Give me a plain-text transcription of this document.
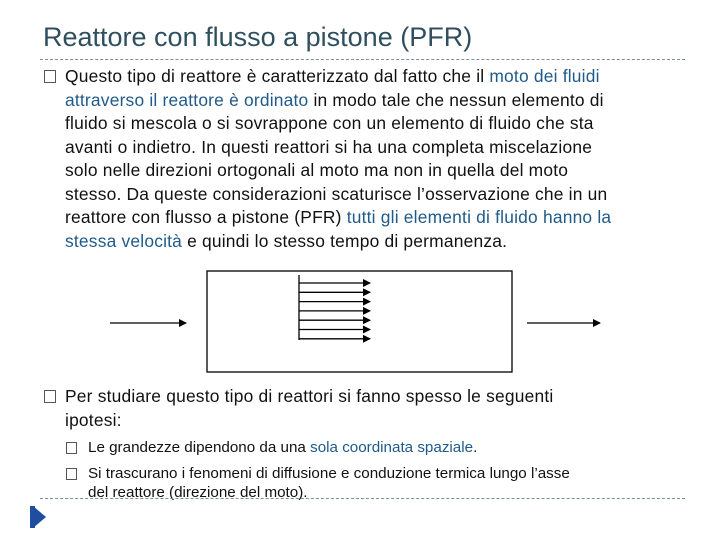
Reattore con flusso a pistone (PFR)
Questo tipo di reattore è caratterizzato dal fatto che il moto dei fluidi
attraverso il reattore è ordinato in modo tale che nessun elemento di
fluido si mescola o si sovrappone con un elemento di fluido che sta
avanti o indietro. In questi reattori si ha una completa miscelazione
solo nelle direzioni ortogonali al moto ma non in quella del moto
stesso. Da queste considerazioni scaturisce l’osservazione che in un
reattore con flusso a pistone (PFR) tutti gli elementi di fluido hanno la
stessa velocità e quindi lo stesso tempo di permanenza.
Per studiare questo tipo di reattori si fanno spesso le seguenti
ipotesi:
Le grandezze dipendono da una sola coordinata spaziale.
Si trascurano i fenomeni di diffusione e conduzione termica lungo l’asse
del reattore (direzione del moto).
